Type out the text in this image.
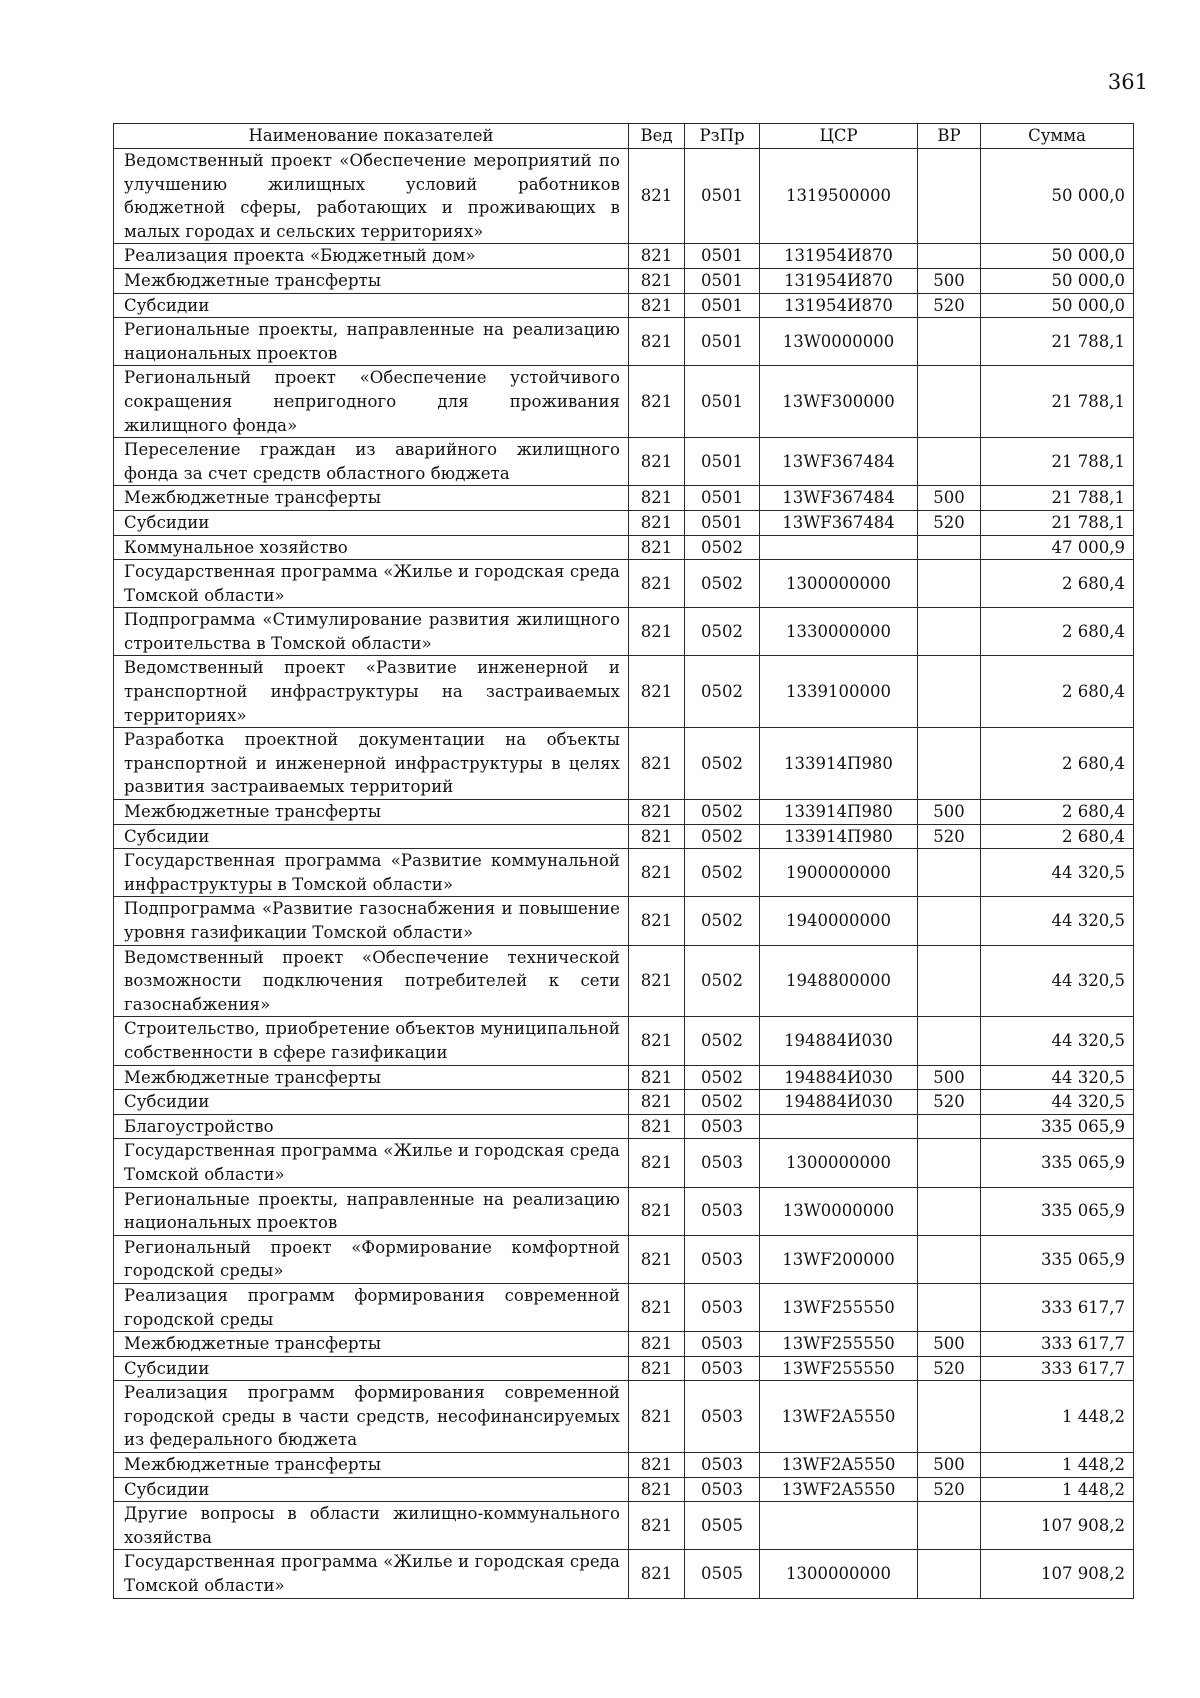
361
Наименование показателей	Вед	РзПр	ЦСР	ВР	Сумма
Ведомственный проект «Обеспечение мероприятий по улучшению жилищных условий работников бюджетной сферы, работающих и проживающих в малых городах и сельских территориях»	821	0501	1319500000		50 000,0
Реализация проекта «Бюджетный дом»	821	0501	131954И870		50 000,0
Межбюджетные трансферты	821	0501	131954И870	500	50 000,0
Субсидии	821	0501	131954И870	520	50 000,0
Региональные проекты, направленные на реализацию национальных проектов	821	0501	13W0000000		21 788,1
Региональный проект «Обеспечение устойчивого сокращения непригодного для проживания жилищного фонда»	821	0501	13WF300000		21 788,1
Переселение граждан из аварийного жилищного фонда за счет средств областного бюджета	821	0501	13WF367484		21 788,1
Межбюджетные трансферты	821	0501	13WF367484	500	21 788,1
Субсидии	821	0501	13WF367484	520	21 788,1
Коммунальное хозяйство	821	0502			47 000,9
Государственная программа «Жилье и городская среда Томской области»	821	0502	1300000000		2 680,4
Подпрограмма «Стимулирование развития жилищного строительства в Томской области»	821	0502	1330000000		2 680,4
Ведомственный проект «Развитие инженерной и транспортной инфраструктуры на застраиваемых территориях»	821	0502	1339100000		2 680,4
Разработка проектной документации на объекты транспортной и инженерной инфраструктуры в целях развития застраиваемых территорий	821	0502	133914П980		2 680,4
Межбюджетные трансферты	821	0502	133914П980	500	2 680,4
Субсидии	821	0502	133914П980	520	2 680,4
Государственная программа «Развитие коммунальной инфраструктуры в Томской области»	821	0502	1900000000		44 320,5
Подпрограмма «Развитие газоснабжения и повышение уровня газификации Томской области»	821	0502	1940000000		44 320,5
Ведомственный проект «Обеспечение технической возможности подключения потребителей к сети газоснабжения»	821	0502	1948800000		44 320,5
Строительство, приобретение объектов муниципальной собственности в сфере газификации	821	0502	194884И030		44 320,5
Межбюджетные трансферты	821	0502	194884И030	500	44 320,5
Субсидии	821	0502	194884И030	520	44 320,5
Благоустройство	821	0503			335 065,9
Государственная программа «Жилье и городская среда Томской области»	821	0503	1300000000		335 065,9
Региональные проекты, направленные на реализацию национальных проектов	821	0503	13W0000000		335 065,9
Региональный проект «Формирование комфортной городской среды»	821	0503	13WF200000		335 065,9
Реализация программ формирования современной городской среды	821	0503	13WF255550		333 617,7
Межбюджетные трансферты	821	0503	13WF255550	500	333 617,7
Субсидии	821	0503	13WF255550	520	333 617,7
Реализация программ формирования современной городской среды в части средств, несофинансируемых из федерального бюджета	821	0503	13WF2A5550		1 448,2
Межбюджетные трансферты	821	0503	13WF2A5550	500	1 448,2
Субсидии	821	0503	13WF2A5550	520	1 448,2
Другие вопросы в области жилищно-коммунального хозяйства	821	0505			107 908,2
Государственная программа «Жилье и городская среда Томской области»	821	0505	1300000000		107 908,2
